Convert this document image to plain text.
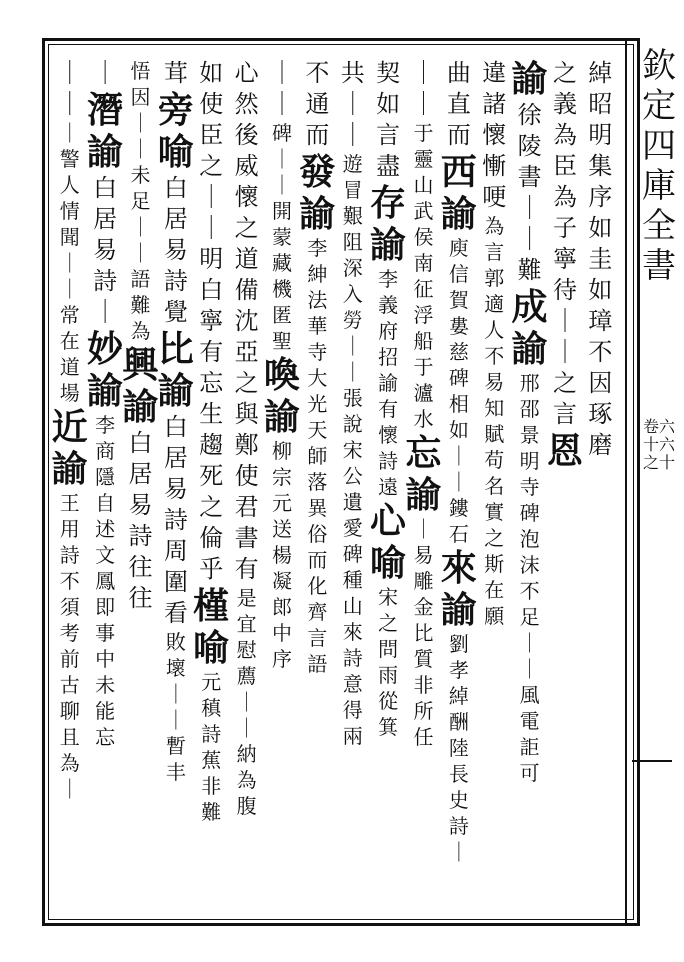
欽定四庫全書
卷六十六之十
綽
昭
明
集
序
如
圭
如
璋
不
因
琢
磨
之
義
為
臣
為
子
寧
待
｜
｜
之
言
恩
諭
徐
陵
書
｜
｜
難
成
諭
邢
邵
景
明
寺
碑
泡
沫
不
足
｜
｜
風
電
詎
可
違
諸
懷
慚
哽
為
言
郭
適
人
不
易
知
賦
苟
名
實
之
斯
在
願
曲
直
而
西
諭
庾
信
賀
婁
慈
碑
相
如
｜
｜
鏤
石
來
諭
劉
孝
綽
酬
陸
長
史
詩
｜
｜
｜
于
靈
山
武
侯
南
征
浮
船
于
瀘
水
忘
諭
｜
易
雕
金
比
質
非
所
任
契
如
言
盡
存
諭
李
義
府
招
諭
有
懷
詩
遠
心
喻
宋
之
問
雨
從
箕
共
｜
｜
遊
冒
艱
阻
深
入
勞
｜
｜
張
說
宋
公
遺
愛
碑
種
山
來
詩
意
得
兩
不
通
而
發
諭
李
紳
法
華
寺
大
光
天
師
落
異
俗
而
化
齊
言
語
｜
｜
碑
｜
｜
開
蒙
藏
機
匿
聖
喚
諭
柳
宗
元
送
楊
凝
郎
中
序
心
然
後
威
懷
之
道
備
沈
亞
之
與
鄭
使
君
書
有
是
宜
慰
薦
｜
｜
納
為
腹
如
使
臣
之
｜
｜
明
白
寧
有
忘
生
趨
死
之
倫
乎
槿
喻
元
稹
詩
蕉
非
難
茸
旁
喻
白
居
易
詩
覺
比
諭
白
居
易
詩
周
圍
看
敗
壞
｜
｜
暫
丰
悟
因
｜
｜
未
足
｜
｜
語
難
為
興
諭
白
居
易
詩
往
往
｜
潛
諭
白
居
易
詩
｜
妙
諭
李
商
隱
自
述
文
鳳
即
事
中
未
能
忘
｜
｜
｜
警
人
情
聞
｜
｜
常
在
道
場
近
諭
王
用
詩
不
須
考
前
古
聊
且
為
｜
